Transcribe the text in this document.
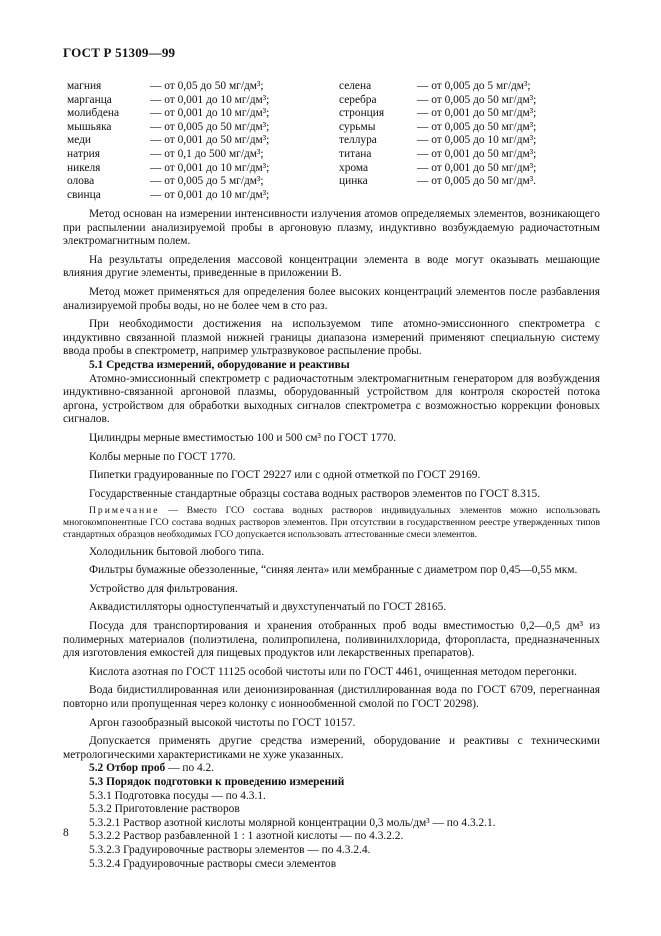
ГОСТ Р 51309—99
магния	— от 0,05 до 50 мг/дм³;
марганца	— от 0,001 до 10 мг/дм³;
молибдена	— от 0,001 до 10 мг/дм³;
мышьяка	— от 0,005 до 50 мг/дм³;
меди	— от 0,001 до 50 мг/дм³;
натрия	— от 0,1 до 500 мг/дм³;
никеля	— от 0,001 до 10 мг/дм³;
олова	— от 0,005 до 5 мг/дм³;
свинца	— от 0,001 до 10 мг/дм³;
селена	— от 0,005 до 5 мг/дм³;
серебра	— от 0,005 до 50 мг/дм³;
стронция	— от 0,001 до 50 мг/дм³;
сурьмы	— от 0,005 до 50 мг/дм³;
теллура	— от 0,005 до 10 мг/дм³;
титана	— от 0,001 до 50 мг/дм³;
хрома	— от 0,001 до 50 мг/дм³;
цинка	— от 0,005 до 50 мг/дм³.

Метод основан на измерении интенсивности излучения атомов определяемых элементов, возникающего при распылении анализируемой пробы в аргоновую плазму, индуктивно возбуждаемую радиочастотным электромагнитным полем.

На результаты определения массовой концентрации элемента в воде могут оказывать мешающие влияния другие элементы, приведенные в приложении В.

Метод может применяться для определения более высоких концентраций элементов после разбавления анализируемой пробы воды, но не более чем в сто раз.

При необходимости достижения на используемом типе атомно-эмиссионного спектрометра с индуктивно связанной плазмой нижней границы диапазона измерений применяют специальную систему ввода пробы в спектрометр, например ультразвуковое распыление пробы.

5.1 Средства измерений, оборудование и реактивы

Атомно-эмиссионный спектрометр с радиочастотным электромагнитным генератором для возбуждения индуктивно-связанной аргоновой плазмы, оборудованный устройством для контроля скоростей потока аргона, устройством для обработки выходных сигналов спектрометра с возможностью коррекции фоновых сигналов.

Цилиндры мерные вместимостью 100 и 500 см³ по ГОСТ 1770.

Колбы мерные по ГОСТ 1770.

Пипетки градуированные по ГОСТ 29227 или с одной отметкой по ГОСТ 29169.

Государственные стандартные образцы состава водных растворов элементов по ГОСТ 8.315.

Примечание — Вместо ГСО состава водных растворов индивидуальных элементов можно использовать многокомпонентные ГСО состава водных растворов элементов. При отсутствии в государственном реестре утвержденных типов стандартных образцов необходимых ГСО допускается использовать аттестованные смеси элементов.

Холодильник бытовой любого типа.

Фильтры бумажные обеззоленные, “синяя лента» или мембранные с диаметром пор 0,45—0,55 мкм.

Устройство для фильтрования.

Аквадистилляторы одноступенчатый и двухступенчатый по ГОСТ 28165.

Посуда для транспортирования и хранения отобранных проб воды вместимостью 0,2—0,5 дм³ из полимерных материалов (полиэтилена, полипропилена, поливинилхлорида, фторопласта, предназначенных для изготовления емкостей для пищевых продуктов или лекарственных препаратов).

Кислота азотная по ГОСТ 11125 особой чистоты или по ГОСТ 4461, очищенная методом перегонки.

Вода бидистиллированная или деионизированная (дистиллированная вода по ГОСТ 6709, перегнанная повторно или пропущенная через колонку с ионнообменной смолой по ГОСТ 20298).

Аргон газообразный высокой чистоты по ГОСТ 10157.

Допускается применять другие средства измерений, оборудование и реактивы с техническими метрологическими характеристиками не хуже указанных.

5.2 Отбор проб — по 4.2.

5.3 Порядок подготовки к проведению измерений

5.3.1 Подготовка посуды — по 4.3.1.

5.3.2 Приготовление растворов

5.3.2.1 Раствор азотной кислоты молярной концентрации 0,3 моль/дм³ — по 4.3.2.1.

5.3.2.2 Раствор разбавленной 1 : 1 азотной кислоты — по 4.3.2.2.

5.3.2.3 Градуировочные растворы элементов — по 4.3.2.4.

5.3.2.4 Градуировочные растворы смеси элементов

8
